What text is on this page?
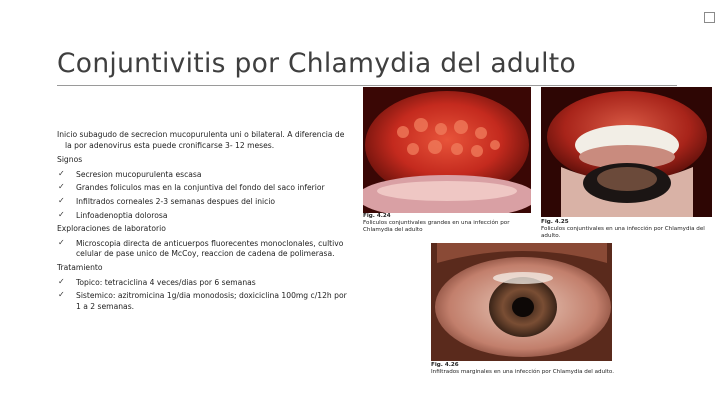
Conjuntivitis por Chlamydia del adulto

Inicio subagudo de secrecion mucopurulenta uni o bilateral. A diferencia de la por adenovirus esta puede cronificarse 3- 12 meses.

Signos

✓ Secresion mucopurulenta escasa
✓ Grandes foliculos mas en la conjuntiva del fondo del saco inferior
✓ Infiltrados corneales 2-3 semanas despues del inicio
✓ Linfoadenoptia dolorosa

Exploraciones de laboratorio

✓ Microscopia directa de anticuerpos fluorecentes monoclonales, cultivo celular de pase unico de McCoy, reaccion de cadena de polimerasa.

Tratamiento

✓ Topico: tetraciclina 4 veces/dias por 6 semanas
✓ Sistemico: azitromicina 1g/dia monodosis; doxiciclina 100mg c/12h por 1 a 2 semanas.
Fig. 4.24
Foliculos conjuntivales grandes en una infección por Chlamydia del adulto
Fig. 4.25
Foliculos conjuntivales en una infección por Chlamydia del adulto.
Fig. 4.26
Infiltrados marginales en una infección por Chlamydia del adulto.
